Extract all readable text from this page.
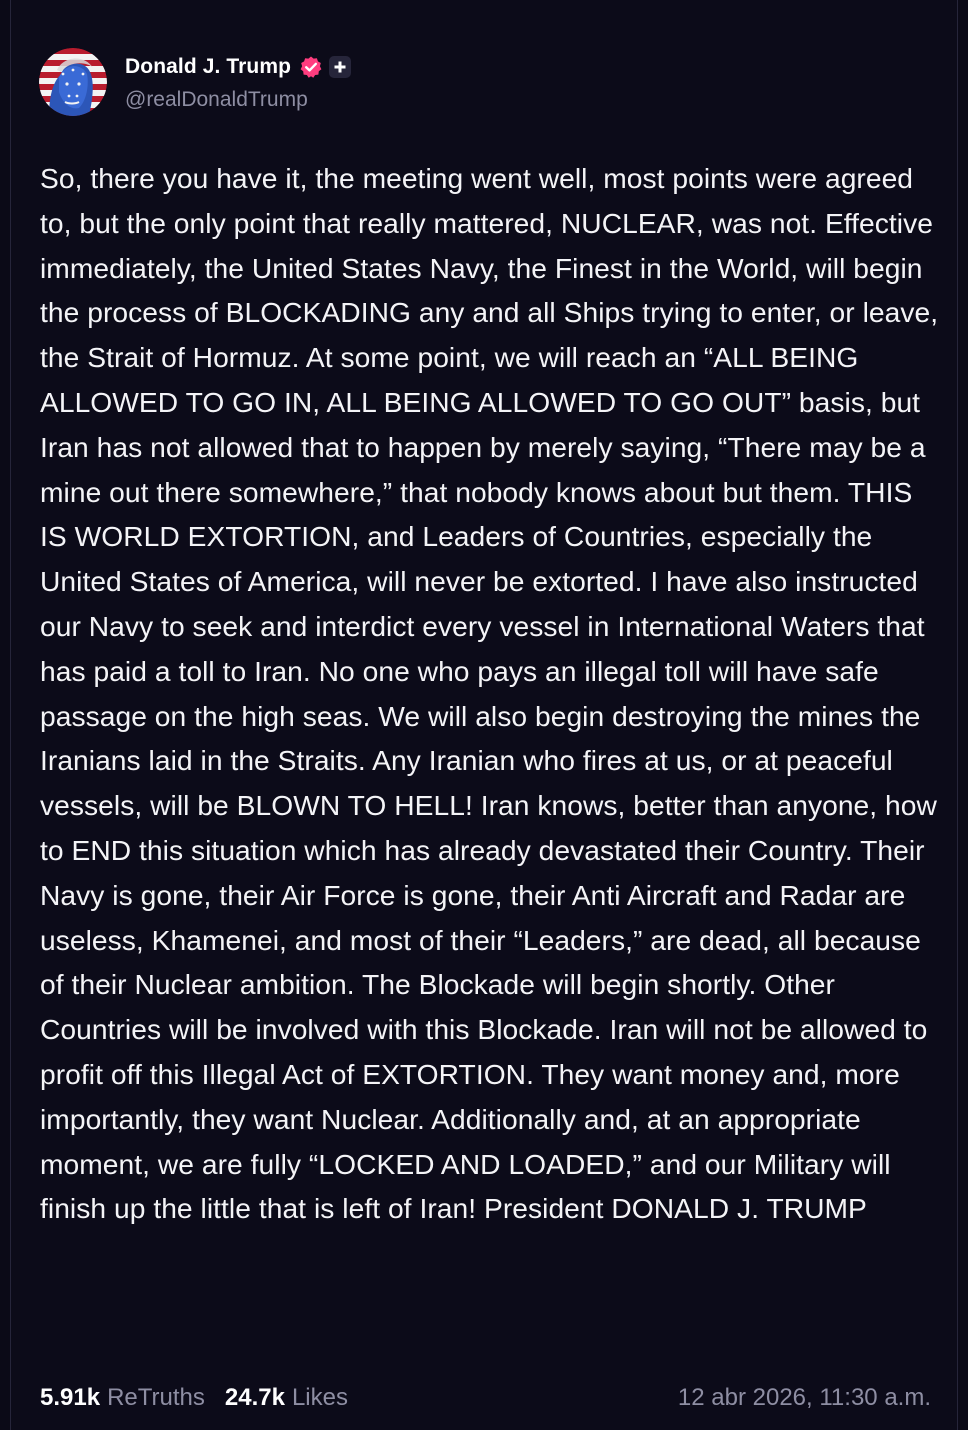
Donald J. Trump
@realDonaldTrump
So, there you have it, the meeting went well, most points were agreed to, but the only point that really mattered, NUCLEAR, was not. Effective immediately, the United States Navy, the Finest in the World, will begin the process of BLOCKADING any and all Ships trying to enter, or leave, the Strait of Hormuz. At some point, we will reach an “ALL BEING ALLOWED TO GO IN, ALL BEING ALLOWED TO GO OUT” basis, but Iran has not allowed that to happen by merely saying, “There may be a mine out there somewhere,” that nobody knows about but them. THIS IS WORLD EXTORTION, and Leaders of Countries, especially the United States of America, will never be extorted. I have also instructed our Navy to seek and interdict every vessel in International Waters that has paid a toll to Iran. No one who pays an illegal toll will have safe passage on the high seas. We will also begin destroying the mines the Iranians laid in the Straits. Any Iranian who fires at us, or at peaceful vessels, will be BLOWN TO HELL! Iran knows, better than anyone, how to END this situation which has already devastated their Country. Their Navy is gone, their Air Force is gone, their Anti Aircraft and Radar are useless, Khamenei, and most of their “Leaders,” are dead, all because of their Nuclear ambition. The Blockade will begin shortly. Other Countries will be involved with this Blockade. Iran will not be allowed to profit off this Illegal Act of EXTORTION. They want money and, more importantly, they want Nuclear. Additionally and, at an appropriate moment, we are fully “LOCKED AND LOADED,” and our Military will finish up the little that is left of Iran! President DONALD J. TRUMP
5.91k ReTruths 24.7k Likes	12 abr 2026, 11:30 a.m.
